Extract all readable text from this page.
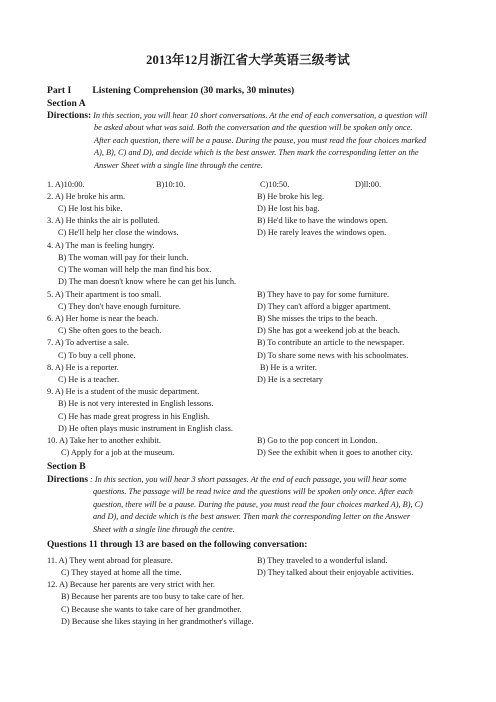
2013年12月浙江省大学英语三级考试
Part I Listening Comprehension (30 marks, 30 minutes)
Section A
Directions: In this section, you will hear 10 short conversations. At the end of each conversation, a question will
be asked about what was said. Both the conversation and the question will be spoken only once.
After each question, there will be a pause. During the pause, you must read the four choices marked
A), B), C) and D), and decide which is the best answer. Then mark the corresponding letter on the
Answer Sheet with a single line through the centre.
1. A)10:00.	B)10:10.	C)10:50.	D)ll:00.
2. A) He broke his arm.	B) He broke his leg.
C) He lost his bike.	D) He lost his bag.
3. A) He thinks the air is polluted.	B) He'd like to have the windows open.
C) He'll help her close the windows.	D) He rarely leaves the windows open.
4. A) The man is feeling hungry.
B) The woman will pay for their lunch.
C) The woman will help the man find his box.
D) The man doesn't know where he can get his lunch.
5. A) Their apartment is too small.	B) They have to pay for some furniture.
C) They don't have enough furniture.	D) They can't afford a bigger apartment.
6. A) Her home is near the beach.	B) She misses the trips to the beach.
C) She often goes to the beach.	D) She has got a weekend job at the beach.
7. A) To advertise a sale.	B) To contribute an article to the newspaper.
C) To buy a cell phone.	D) To share some news with his schoolmates.
8. A) He is a reporter.	B) He is a writer.
C) He is a teacher.	D) He is a secretary
9. A) He is a student of the music department.
B) He is not very interested in English lessons.
C) He has made great progress in his English.
D) He often plays music instrument in English class.
10. A) Take her to another exhibit.	B) Go to the pop concert in London.
C) Apply for a job at the museum.	D) See the exhibit when it goes to another city.
Section B
Directions : In this section, you will hear 3 short passages. At the end of each passage, you will hear some
questions. The passage will be read twice and the questions will be spoken only once. After each
question, there will be a pause. During the pause, you must read the four choices marked A), B), C)
and D), and decide which is the best answer. Then mark the corresponding letter on the Answer
Sheet with a single line through the centre.
Questions 11 through 13 are based on the following conversation:
11. A) They went abroad for pleasure.	B) They traveled to a wonderful island.
C) They stayed at home all the time.	D) They talked about their enjoyable activities.
12. A) Because her parents are very strict with her.
B) Because her parents are too busy to take care of her.
C) Because she wants to take care of her grandmother.
D) Because she likes staying in her grandmother's village.
